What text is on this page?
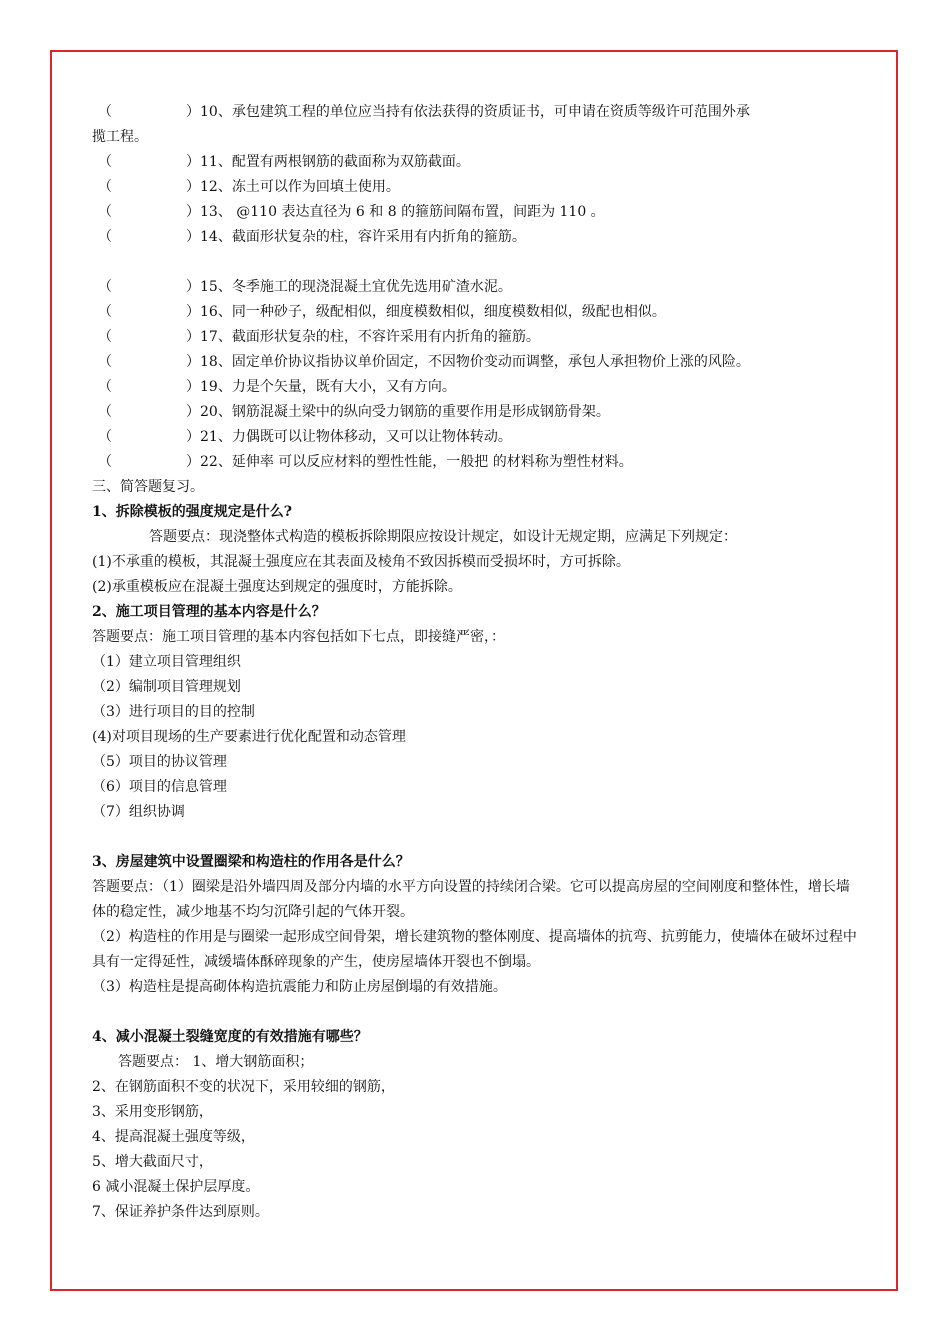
（	） 10、承包建筑工程的单位应当持有依法获得的资质证书，可申请在资质等级许可范围外承
揽工程。
（	） 11、配置有两根钢筋的截面称为双筋截面。
（	） 12、冻土可以作为回填土使用。
（	） 13、 @110 表达直径为 6 和 8 的箍筋间隔布置，间距为 110 。
（	） 14、截面形状复杂的柱，容许采用有内折角的箍筋。
（	） 15、冬季施工的现浇混凝土宜优先选用矿渣水泥。
（	） 16、同一种砂子，级配相似，细度模数相似，细度模数相似，级配也相似。
（	） 17、截面形状复杂的柱，不容许采用有内折角的箍筋。
（	） 18、固定单价协议指协议单价固定，不因物价变动而调整，承包人承担物价上涨的风险。
（	） 19、力是个矢量，既有大小，又有方向。
（	） 20、钢筋混凝土梁中的纵向受力钢筋的重要作用是形成钢筋骨架。
（	） 21、力偶既可以让物体移动，又可以让物体转动。
（	） 22、延伸率 可以反应材料的塑性性能，一般把 的材料称为塑性材料。
三、简答题复习。
1、拆除模板的强度规定是什么?
答题要点：现浇整体式构造的模板拆除期限应按设计规定，如设计无规定期，应满足下列规定：
(1)不承重的模板，其混凝土强度应在其表面及棱角不致因拆模而受损坏时，方可拆除。
(2)承重模板应在混凝土强度达到规定的强度时，方能拆除。
2、施工项目管理的基本内容是什么？
答题要点：施工项目管理的基本内容包括如下七点，即接缝严密，：
（1）建立项目管理组织
（2）编制项目管理规划
（3）进行项目的目的控制
(4)对项目现场的生产要素进行优化配置和动态管理
（5）项目的协议管理
（6）项目的信息管理
（7）组织协调
3、房屋建筑中设置圈梁和构造柱的作用各是什么？
答题要点：（1）圈梁是沿外墙四周及部分内墙的水平方向设置的持续闭合梁。它可以提高房屋的空间刚度和整体性，增长墙体的稳定性，减少地基不均匀沉降引起的气体开裂。
（2）构造柱的作用是与圈梁一起形成空间骨架，增长建筑物的整体刚度、提高墙体的抗弯、抗剪能力，使墙体在破坏过程中具有一定得延性，减缓墙体酥碎现象的产生，使房屋墙体开裂也不倒塌。
（3）构造柱是提高砌体构造抗震能力和防止房屋倒塌的有效措施。
4、减小混凝土裂缝宽度的有效措施有哪些？
答题要点： 1、增大钢筋面积；
2、在钢筋面积不变的状况下，采用较细的钢筋，
3、采用变形钢筋，
4、提高混凝土强度等级，
5、增大截面尺寸，
6 减小混凝土保护层厚度。
7、保证养护条件达到原则。
